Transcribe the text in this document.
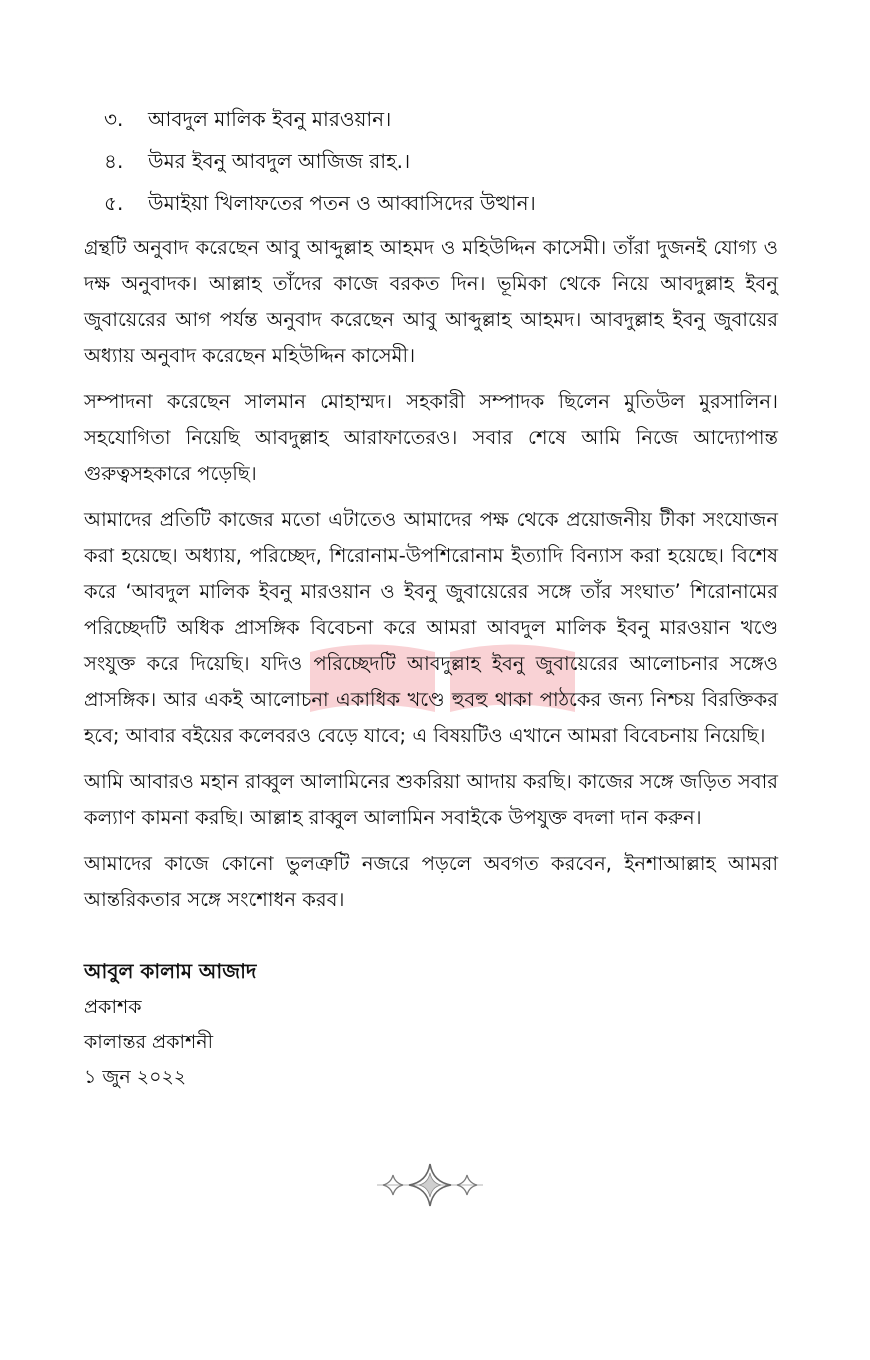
৩.	আবদুল মালিক ইবনু মারওয়ান।
৪.	উমর ইবনু আবদুল আজিজ রাহ.।
৫.	উমাইয়া খিলাফতের পতন ও আব্বাসিদের উত্থান।

গ্রন্থটি অনুবাদ করেছেন আবু আব্দুল্লাহ আহমদ ও মহিউদ্দিন কাসেমী। তাঁরা দুজনই যোগ্য ও দক্ষ অনুবাদক। আল্লাহ তাঁদের কাজে বরকত দিন। ভূমিকা থেকে নিয়ে আবদুল্লাহ ইবনু জুবায়েরের আগ পর্যন্ত অনুবাদ করেছেন আবু আব্দুল্লাহ আহমদ। আবদুল্লাহ ইবনু জুবায়ের অধ্যায় অনুবাদ করেছেন মহিউদ্দিন কাসেমী।

সম্পাদনা করেছেন সালমান মোহাম্মদ। সহকারী সম্পাদক ছিলেন মুতিউল মুরসালিন। সহযোগিতা নিয়েছি আবদুল্লাহ আরাফাতেরও। সবার শেষে আমি নিজে আদ্যোপান্ত গুরুত্বসহকারে পড়েছি।

আমাদের প্রতিটি কাজের মতো এটাতেও আমাদের পক্ষ থেকে প্রয়োজনীয় টীকা সংযোজন করা হয়েছে। অধ্যায়, পরিচ্ছেদ, শিরোনাম-উপশিরোনাম ইত্যাদি বিন্যাস করা হয়েছে। বিশেষ করে ‘আবদুল মালিক ইবনু মারওয়ান ও ইবনু জুবায়েরের সঙ্গে তাঁর সংঘাত’ শিরোনামের পরিচ্ছেদটি অধিক প্রাসঙ্গিক বিবেচনা করে আমরা আবদুল মালিক ইবনু মারওয়ান খণ্ডে সংযুক্ত করে দিয়েছি। যদিও পরিচ্ছেদটি আবদুল্লাহ ইবনু জুবায়েরের আলোচনার সঙ্গেও প্রাসঙ্গিক। আর একই আলোচনা একাধিক খণ্ডে হুবহু থাকা পাঠকের জন্য নিশ্চয় বিরক্তিকর হবে; আবার বইয়ের কলেবরও বেড়ে যাবে; এ বিষয়টিও এখানে আমরা বিবেচনায় নিয়েছি।

আমি আবারও মহান রাব্বুল আলামিনের শুকরিয়া আদায় করছি। কাজের সঙ্গে জড়িত সবার কল্যাণ কামনা করছি। আল্লাহ রাব্বুল আলামিন সবাইকে উপযুক্ত বদলা দান করুন।

আমাদের কাজে কোনো ভুলত্রুটি নজরে পড়লে অবগত করবেন, ইনশাআল্লাহ আমরা আন্তরিকতার সঙ্গে সংশোধন করব।

আবুল কালাম আজাদ
প্রকাশক
কালান্তর প্রকাশনী
১ জুন ২০২২
